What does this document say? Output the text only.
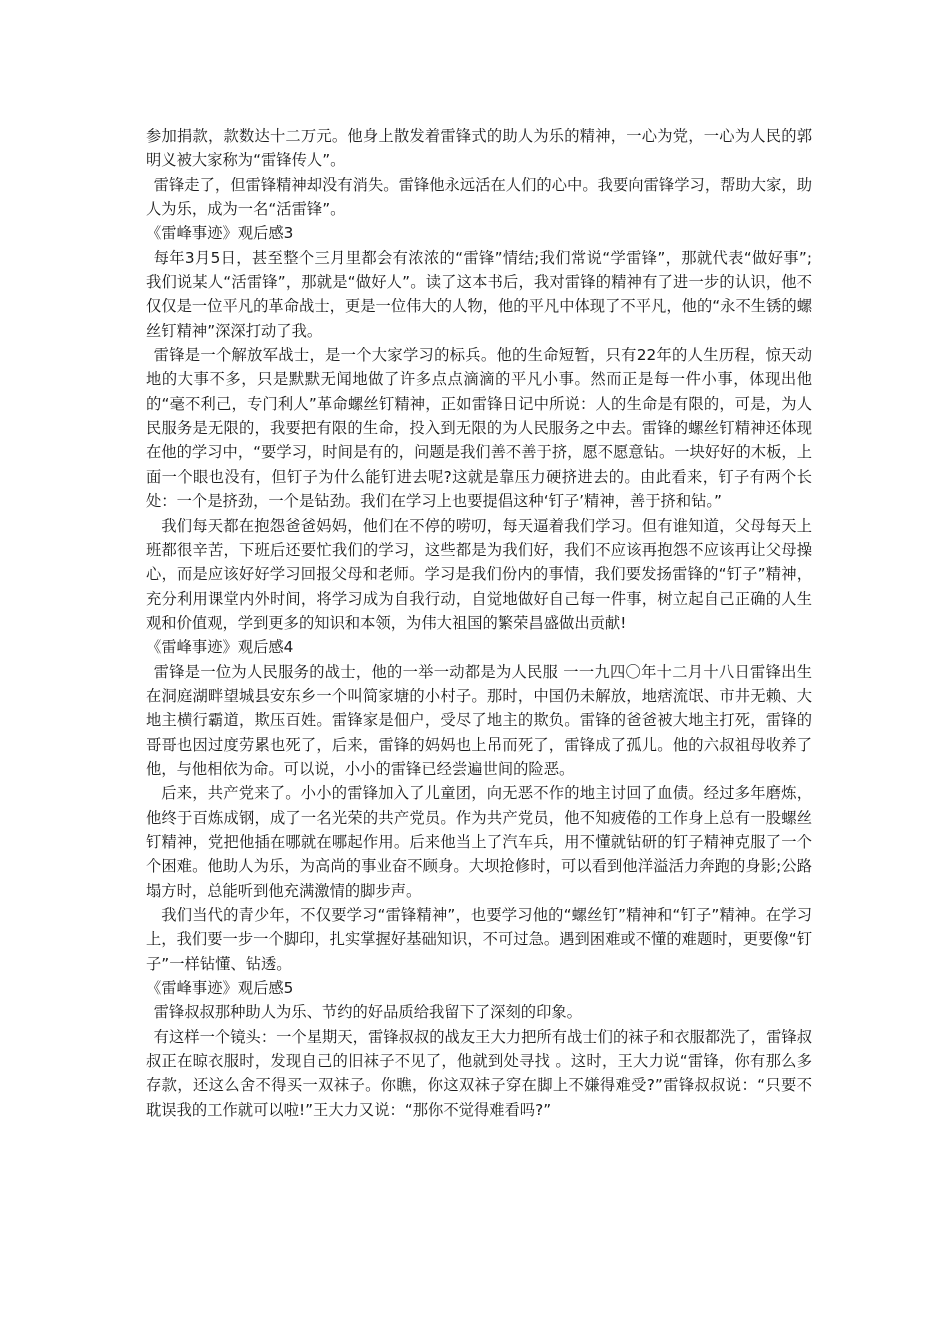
参加捐款，款数达十二万元。他身上散发着雷锋式的助人为乐的精神，一心为党，一心为人民的郭明义被大家称为“雷锋传人”。

雷锋走了，但雷锋精神却没有消失。雷锋他永远活在人们的心中。我要向雷锋学习，帮助大家，助人为乐，成为一名“活雷锋”。

《雷峰事迹》观后感3

每年3月5日，甚至整个三月里都会有浓浓的“雷锋”情结;我们常说“学雷锋”，那就代表“做好事”;我们说某人“活雷锋”，那就是“做好人”。读了这本书后，我对雷锋的精神有了进一步的认识，他不仅仅是一位平凡的革命战士，更是一位伟大的人物，他的平凡中体现了不平凡，他的“永不生锈的螺丝钉精神”深深打动了我。

雷锋是一个解放军战士，是一个大家学习的标兵。他的生命短暂，只有22年的人生历程，惊天动地的大事不多，只是默默无闻地做了许多点点滴滴的平凡小事。然而正是每一件小事，体现出他的“毫不利己，专门利人”革命螺丝钉精神，正如雷锋日记中所说：人的生命是有限的，可是，为人民服务是无限的，我要把有限的生命，投入到无限的为人民服务之中去。雷锋的螺丝钉精神还体现在他的学习中，“要学习，时间是有的，问题是我们善不善于挤，愿不愿意钻。一块好好的木板，上面一个眼也没有，但钉子为什么能钉进去呢?这就是靠压力硬挤进去的。由此看来，钉子有两个长处：一个是挤劲，一个是钻劲。我们在学习上也要提倡这种‘钉子’精神，善于挤和钻。”

我们每天都在抱怨爸爸妈妈，他们在不停的唠叨，每天逼着我们学习。但有谁知道，父母每天上班都很辛苦，下班后还要忙我们的学习，这些都是为我们好，我们不应该再抱怨不应该再让父母操心，而是应该好好学习回报父母和老师。学习是我们份内的事情，我们要发扬雷锋的“钉子”精神，充分利用课堂内外时间，将学习成为自我行动，自觉地做好自己每一件事，树立起自己正确的人生观和价值观，学到更多的知识和本领，为伟大祖国的繁荣昌盛做出贡献!

《雷峰事迹》观后感4

雷锋是一位为人民服务的战士，他的一举一动都是为人民服 一一九四〇年十二月十八日雷锋出生在洞庭湖畔望城县安东乡一个叫简家塘的小村子。那时，中国仍未解放，地痞流氓、市井无赖、大地主横行霸道，欺压百姓。雷锋家是佃户，受尽了地主的欺负。雷锋的爸爸被大地主打死，雷锋的哥哥也因过度劳累也死了，后来，雷锋的妈妈也上吊而死了，雷锋成了孤儿。他的六叔祖母收养了他，与他相依为命。可以说，小小的雷锋已经尝遍世间的险恶。

后来，共产党来了。小小的雷锋加入了儿童团，向无恶不作的地主讨回了血债。经过多年磨炼，他终于百炼成钢，成了一名光荣的共产党员。作为共产党员，他不知疲倦的工作身上总有一股螺丝钉精神，党把他插在哪就在哪起作用。后来他当上了汽车兵，用不懂就钻研的钉子精神克服了一个个困难。他助人为乐，为高尚的事业奋不顾身。大坝抢修时，可以看到他洋溢活力奔跑的身影;公路塌方时，总能听到他充满激情的脚步声。

我们当代的青少年，不仅要学习“雷锋精神”，也要学习他的“螺丝钉”精神和“钉子”精神。在学习上，我们要一步一个脚印，扎实掌握好基础知识，不可过急。遇到困难或不懂的难题时，更要像“钉子”一样钻懂、钻透。

《雷峰事迹》观后感5

雷锋叔叔那种助人为乐、节约的好品质给我留下了深刻的印象。

有这样一个镜头：一个星期天，雷锋叔叔的战友王大力把所有战士们的袜子和衣服都洗了，雷锋叔叔正在晾衣服时，发现自己的旧袜子不见了，他就到处寻找 。这时，王大力说“雷锋，你有那么多存款，还这么舍不得买一双袜子。你瞧，你这双袜子穿在脚上不嫌得难受?”雷锋叔叔说：“只要不耽误我的工作就可以啦!”王大力又说：“那你不觉得难看吗?”
